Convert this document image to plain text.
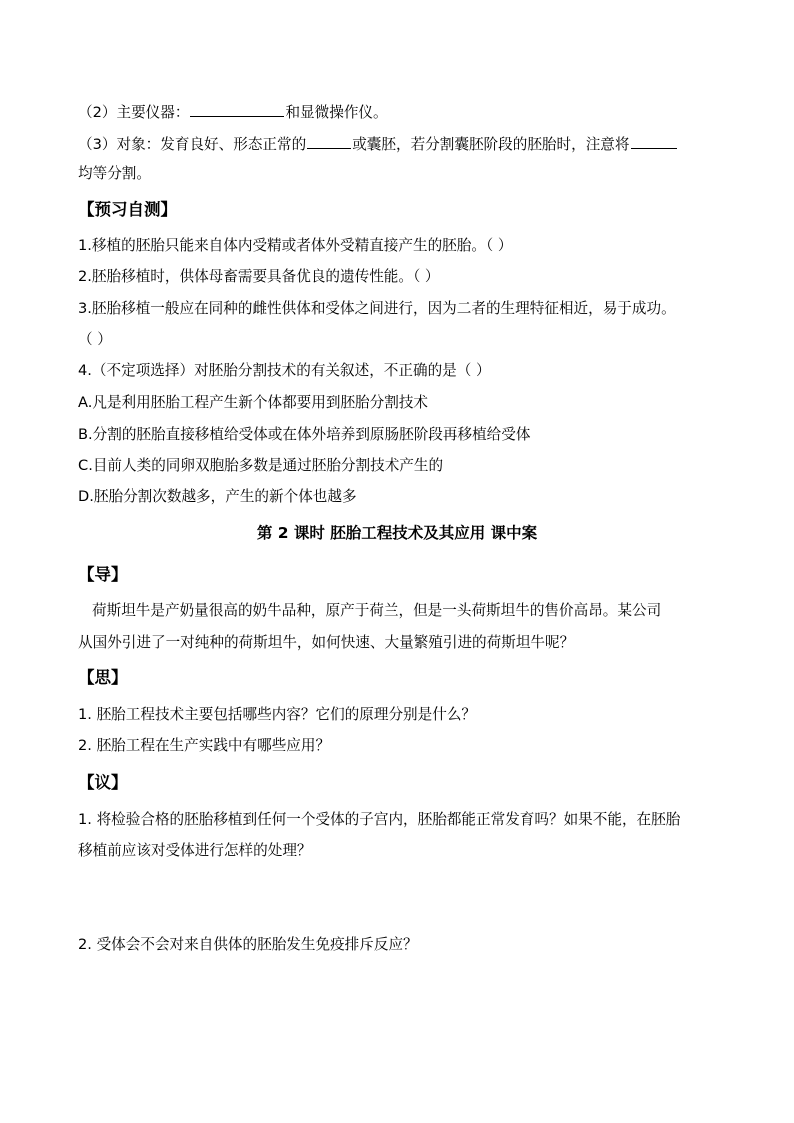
（2）主要仪器：	和显微操作仪。
（3）对象：发育良好、形态正常的	或囊胚，若分割囊胚阶段的胚胎时，注意将
均等分割。
【预习自测】
1.移植的胚胎只能来自体内受精或者体外受精直接产生的胚胎。（ ）
2.胚胎移植时，供体母畜需要具备优良的遗传性能。（ ）
3.胚胎移植一般应在同种的雌性供体和受体之间进行，因为二者的生理特征相近，易于成功。
（ ）
4.（不定项选择）对胚胎分割技术的有关叙述，不正确的是（ ）
A.凡是利用胚胎工程产生新个体都要用到胚胎分割技术
B.分割的胚胎直接移植给受体或在体外培养到原肠胚阶段再移植给受体
C.目前人类的同卵双胞胎多数是通过胚胎分割技术产生的
D.胚胎分割次数越多，产生的新个体也越多
第 2 课时 胚胎工程技术及其应用 课中案
【导】
荷斯坦牛是产奶量很高的奶牛品种，原产于荷兰，但是一头荷斯坦牛的售价高昂。某公司
从国外引进了一对纯种的荷斯坦牛，如何快速、大量繁殖引进的荷斯坦牛呢？
【思】
1. 胚胎工程技术主要包括哪些内容？它们的原理分别是什么？
2. 胚胎工程在生产实践中有哪些应用？
【议】
1. 将检验合格的胚胎移植到任何一个受体的子宫内，胚胎都能正常发育吗？如果不能，在胚胎
移植前应该对受体进行怎样的处理？
2. 受体会不会对来自供体的胚胎发生免疫排斥反应？
